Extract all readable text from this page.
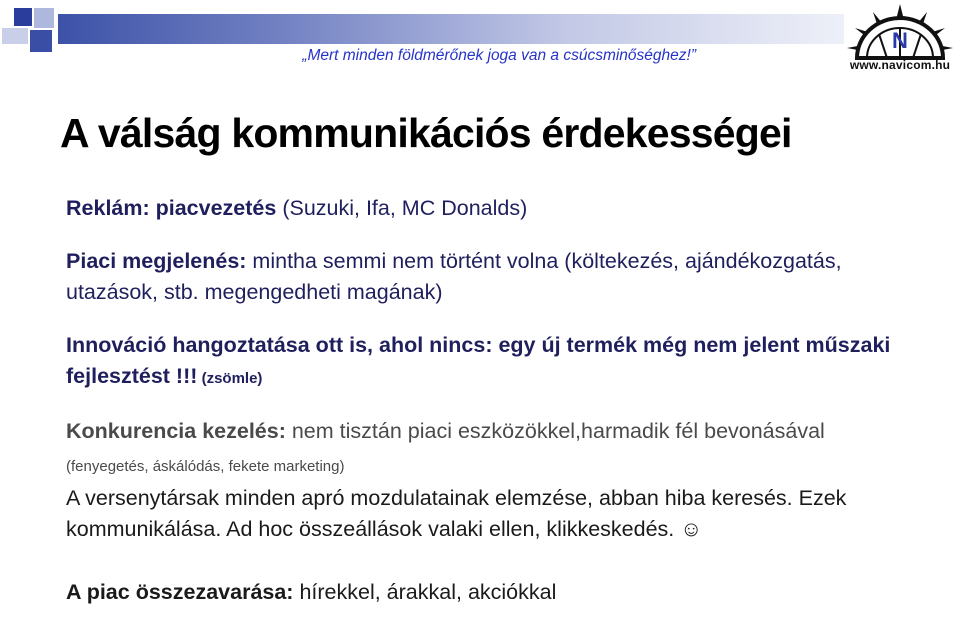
„Mert minden földmérőnek joga van a csúcsminőséghez!”
N
www.navicom.hu
A válság kommunikációs érdekességei

Reklám: piacvezetés (Suzuki, Ifa, MC Donalds)

Piaci megjelenés: mintha semmi nem történt volna (költekezés, ajándékozgatás, utazások, stb. megengedheti magának)

Innováció hangoztatása ott is, ahol nincs: egy új termék még nem jelent műszaki fejlesztést !!! (zsömle)

Konkurencia kezelés: nem tisztán piaci eszközökkel,harmadik fél bevonásával (fenyegetés, áskálódás, fekete marketing)

A versenytársak minden apró mozdulatainak elemzése, abban hiba keresés. Ezek kommunikálása. Ad hoc összeállások valaki ellen, klikkeskedés. ☺

A piac összezavarása: hírekkel, árakkal, akciókkal
